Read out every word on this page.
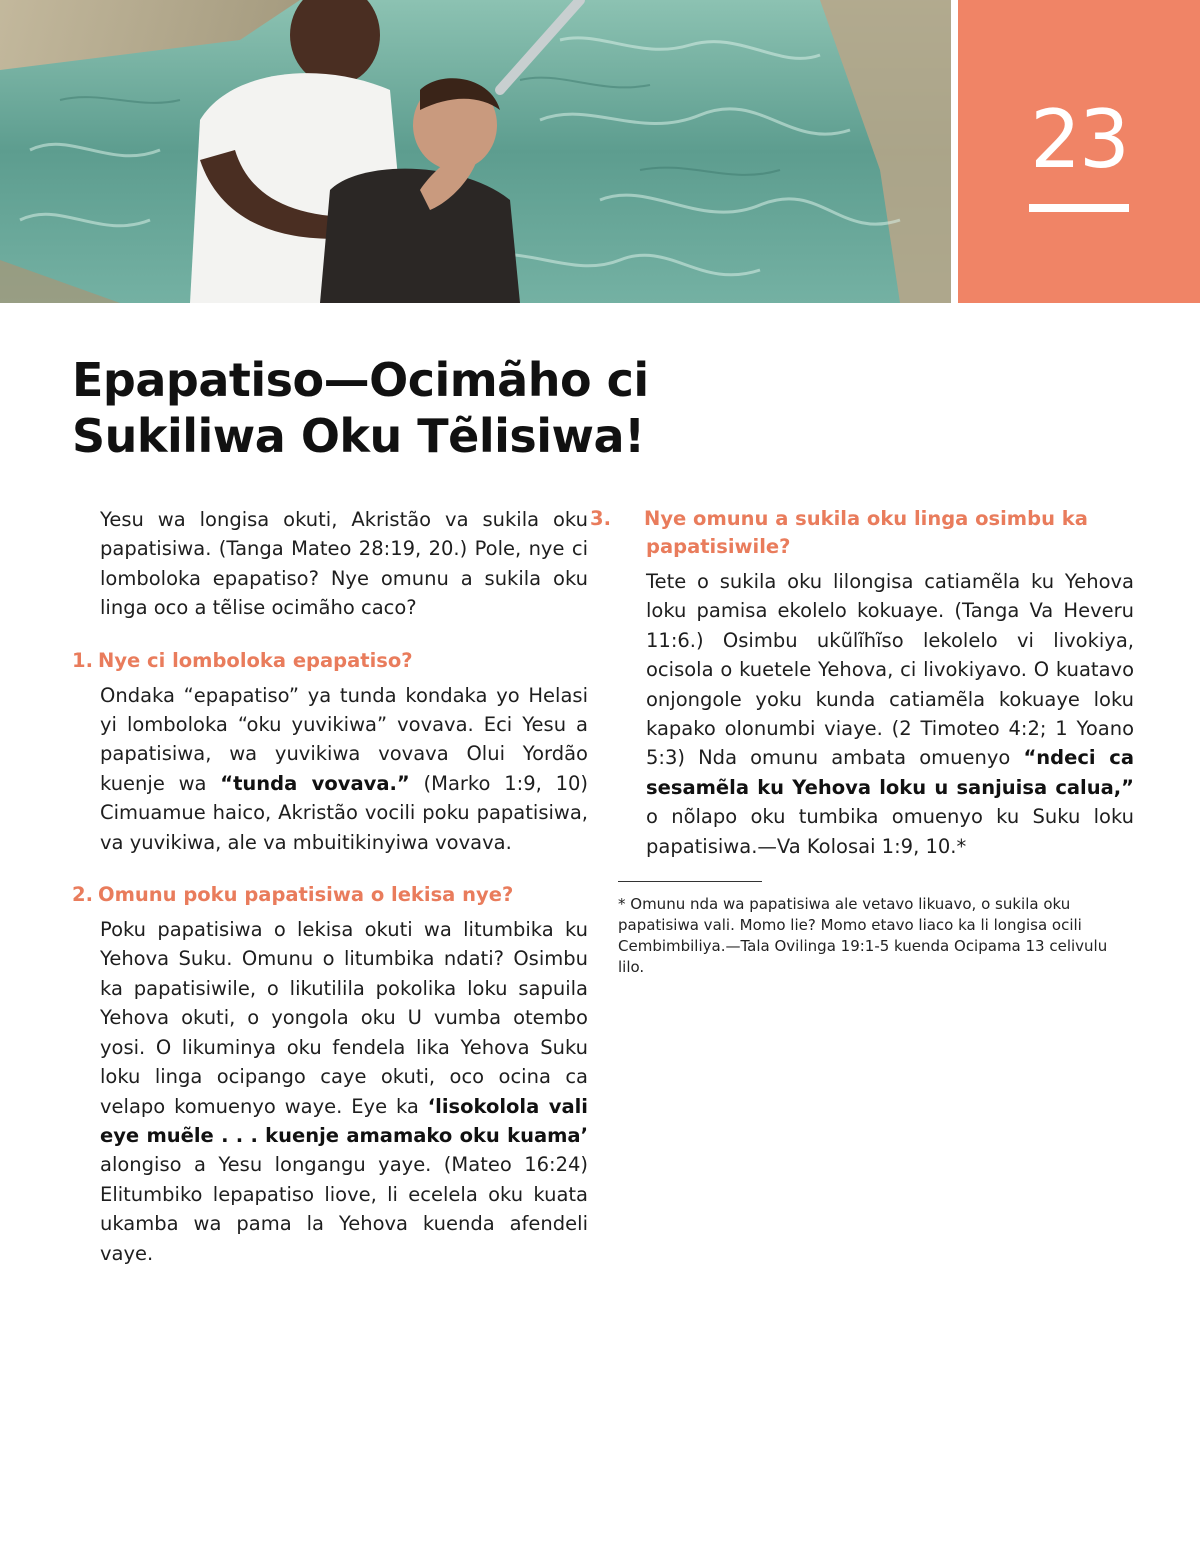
23
Epapatiso—Ocimãho ci
Sukiliwa Oku Tẽlisiwa!

Yesu wa longisa okuti, Akristão va sukila oku papatisiwa. (Tanga Mateo 28:19, 20.) Pole, nye ci lomboloka epapatiso? Nye omunu a sukila oku linga oco a tẽlise ocimãho caco?

1. Nye ci lomboloka epapatiso?

Ondaka “epapatiso” ya tunda kondaka yo Helasi yi lomboloka “oku yuvikiwa” vovava. Eci Yesu a papatisiwa, wa yuvikiwa vovava Olui Yordão kuenje wa “tunda vovava.” (Marko 1:9, 10) Cimuamue haico, Akristão vocili poku papatisiwa, va yuvikiwa, ale va mbuitikinyiwa vovava.

2. Omunu poku papatisiwa o lekisa nye?

Poku papatisiwa o lekisa okuti wa litumbika ku Yehova Suku. Omunu o litumbika ndati? Osimbu ka papatisiwile, o likutilila pokolika loku sapuila Yehova okuti, o yongola oku U vumba otembo yosi. O likuminya oku fendela lika Yehova Suku loku linga ocipango caye okuti, oco ocina ca velapo komuenyo waye. Eye ka ‘lisokolola vali eye muẽle . . . kuenje amamako oku kuama’ alongiso a Yesu longangu yaye. (Mateo 16:24) Elitumbiko lepapatiso liove, li ecelela oku kuata ukamba wa pama la Yehova kuenda afendeli vaye.

3. Nye omunu a sukila oku linga osimbu ka papatisiwile?

Tete o sukila oku lilongisa catiamẽla ku Yehova loku pamisa ekolelo kokuaye. (Tanga Va Heveru 11:6.) Osimbu ukũlĩhĩso lekolelo vi livokiya, ocisola o kuetele Yehova, ci livokiyavo. O kuatavo onjongole yoku kunda catiamẽla kokuaye loku kapako olonumbi viaye. (2 Timoteo 4:2; 1 Yoano 5:3) Nda omunu ambata omuenyo “ndeci ca sesamẽla ku Yehova loku u sanjuisa calua,” o nõlapo oku tumbika omuenyo ku Suku loku papatisiwa.—Va Kolosai 1:9, 10.*

* Omunu nda wa papatisiwa ale vetavo likuavo, o sukila oku papatisiwa vali. Momo lie? Momo etavo liaco ka li longisa ocili Cembimbiliya.—Tala Ovilinga 19:1-5 kuenda Ocipama 13 celivulu lilo.
